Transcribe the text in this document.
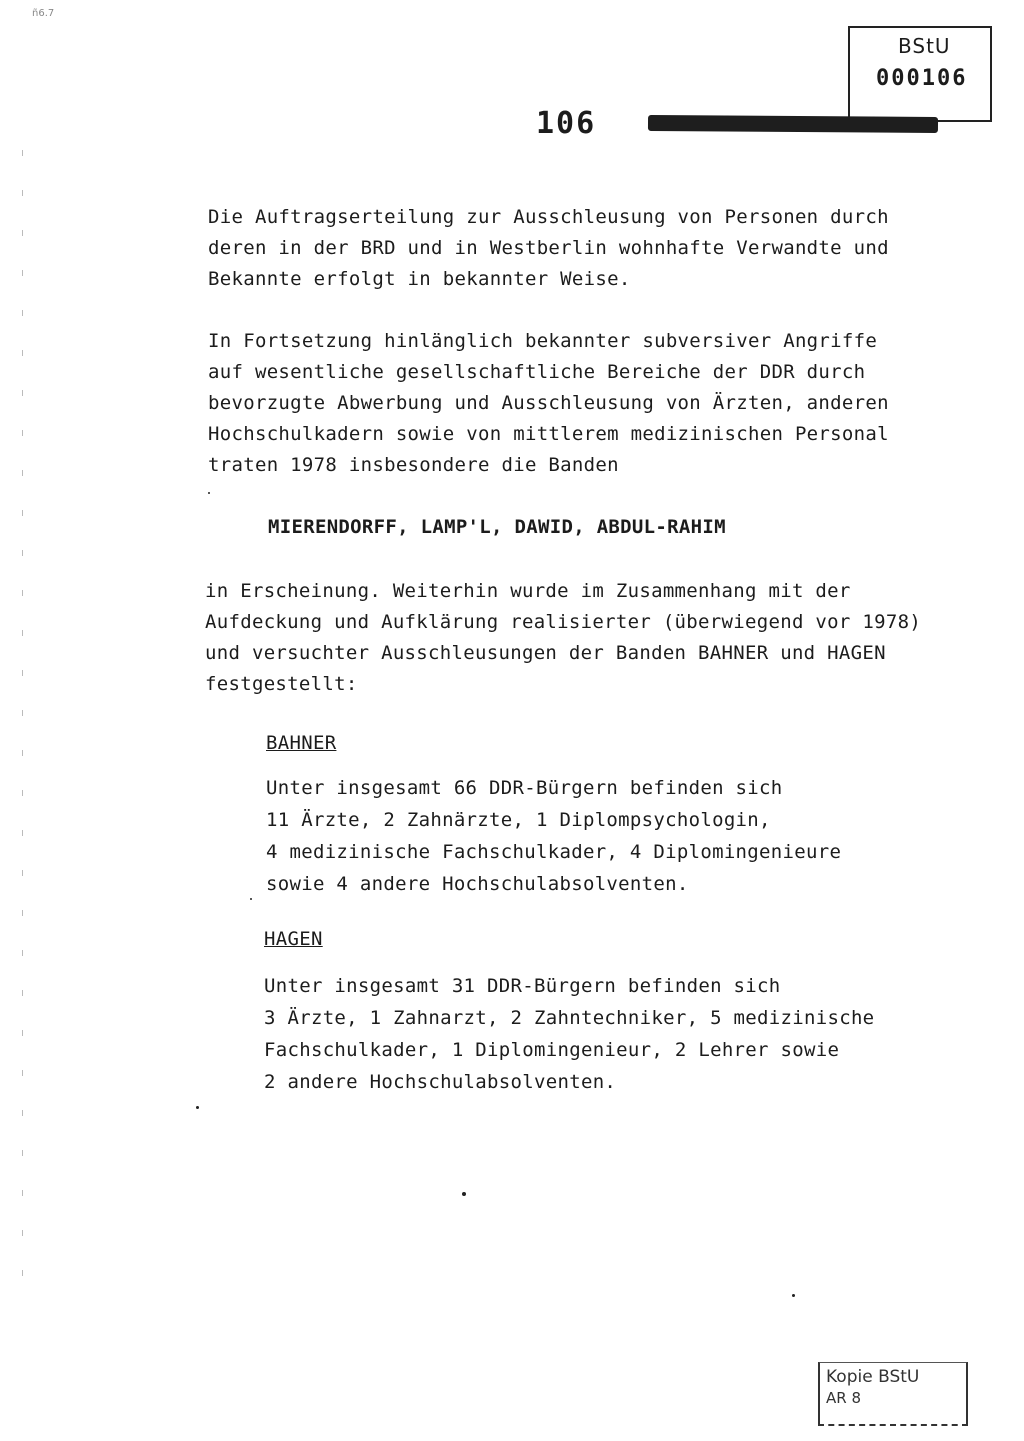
ñ6.7
BStU
000106
106
Die Auftragserteilung zur Ausschleusung von Personen durch
deren in der BRD und in Westberlin wohnhafte Verwandte und
Bekannte erfolgt in bekannter Weise.
In Fortsetzung hinlänglich bekannter subversiver Angriffe
auf wesentliche gesellschaftliche Bereiche der DDR durch
bevorzugte Abwerbung und Ausschleusung von Ärzten, anderen
Hochschulkadern sowie von mittlerem medizinischen Personal
traten 1978 insbesondere die Banden
MIERENDORFF, LAMP'L, DAWID, ABDUL-RAHIM
in Erscheinung. Weiterhin wurde im Zusammenhang mit der
Aufdeckung und Aufklärung realisierter (überwiegend vor 1978)
und versuchter Ausschleusungen der Banden BAHNER und HAGEN
festgestellt:
BAHNER
Unter insgesamt 66 DDR-Bürgern befinden sich
11 Ärzte, 2 Zahnärzte, 1 Diplompsychologin,
4 medizinische Fachschulkader, 4 Diplomingenieure
sowie 4 andere Hochschulabsolventen.
HAGEN
Unter insgesamt 31 DDR-Bürgern befinden sich
3 Ärzte, 1 Zahnarzt, 2 Zahntechniker, 5 medizinische
Fachschulkader, 1 Diplomingenieur, 2 Lehrer sowie
2 andere Hochschulabsolventen.
Kopie BStU
AR 8
